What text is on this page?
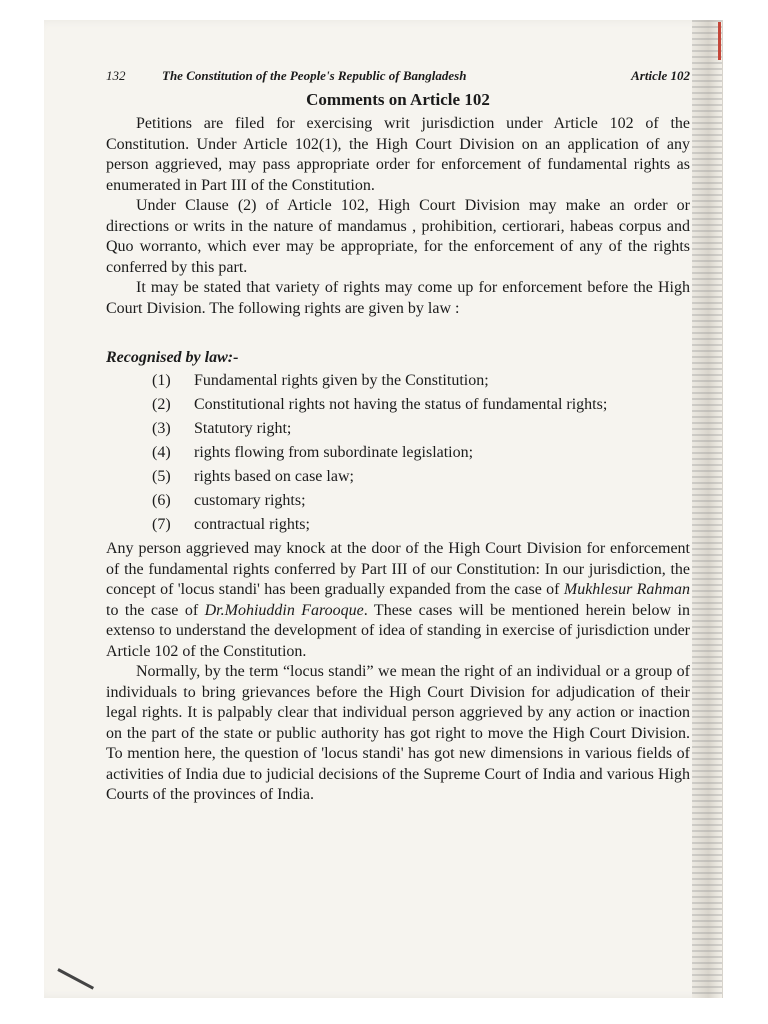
132	The Constitution of the People's Republic of Bangladesh	Article 102
Comments on Article 102

Petitions are filed for exercising writ jurisdiction under Article 102 of the Constitution. Under Article 102(1), the High Court Division on an application of any person aggrieved, may pass appropriate order for enforcement of fundamental rights as enumerated in Part III of the Constitution.

Under Clause (2) of Article 102, High Court Division may make an order or directions or writs in the nature of mandamus , prohibition, certiorari, habeas corpus and Quo worranto, which ever may be appropriate, for the enforcement of any of the rights conferred by this part.

It may be stated that variety of rights may come up for enforcement before the High Court Division. The following rights are given by law :

Recognised by law:-
(1)	Fundamental rights given by the Constitution;
(2)	Constitutional rights not having the status of fundamental rights;
(3)	Statutory right;
(4)	rights flowing from subordinate legislation;
(5)	rights based on case law;
(6)	customary rights;
(7)	contractual rights;

Any person aggrieved may knock at the door of the High Court Division for enforcement of the fundamental rights conferred by Part III of our Constitution: In our jurisdiction, the concept of 'locus standi' has been gradually expanded from the case of Mukhlesur Rahman to the case of Dr.Mohiuddin Farooque. These cases will be mentioned herein below in extenso to understand the development of idea of standing in exercise of jurisdiction under Article 102 of the Constitution.

Normally, by the term “locus standi” we mean the right of an individual or a group of individuals to bring grievances before the High Court Division for adjudication of their legal rights. It is palpably clear that individual person aggrieved by any action or inaction on the part of the state or public authority has got right to move the High Court Division. To mention here, the question of 'locus standi' has got new dimensions in various fields of activities of India due to judicial decisions of the Supreme Court of India and various High Courts of the provinces of India.
